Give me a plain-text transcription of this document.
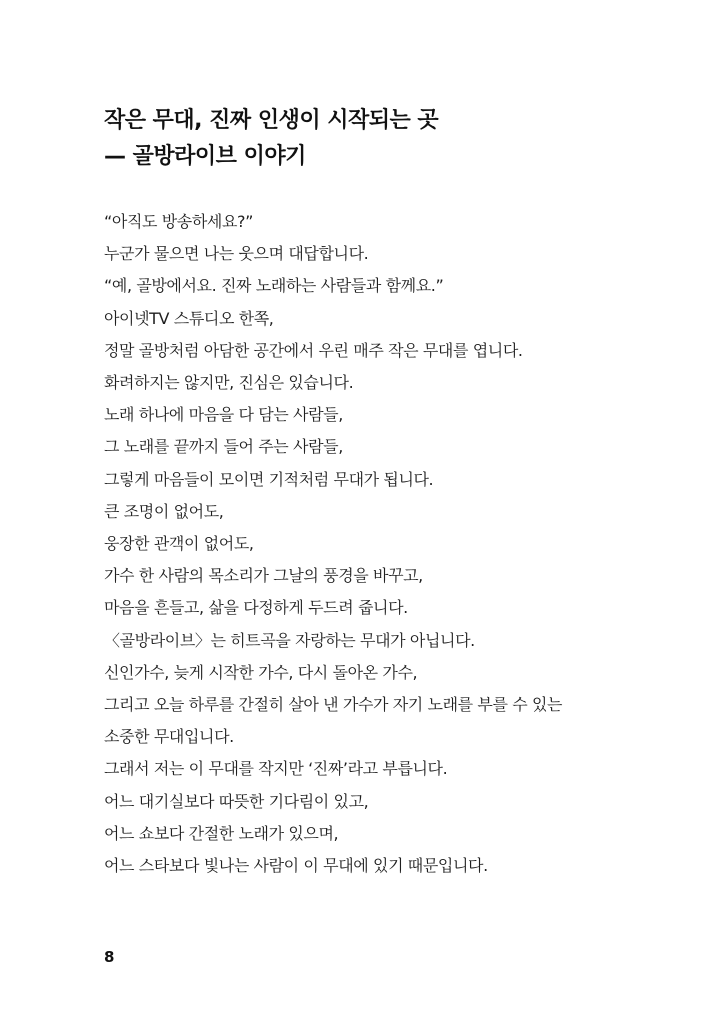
작은 무대, 진짜 인생이 시작되는 곳
— 골방라이브 이야기
“아직도 방송하세요?”
누군가 물으면 나는 웃으며 대답합니다.
“예, 골방에서요. 진짜 노래하는 사람들과 함께요.”
아이넷TV 스튜디오 한쪽,
정말 골방처럼 아담한 공간에서 우린 매주 작은 무대를 엽니다.
화려하지는 않지만, 진심은 있습니다.
노래 하나에 마음을 다 담는 사람들,
그 노래를 끝까지 들어 주는 사람들,
그렇게 마음들이 모이면 기적처럼 무대가 됩니다.
큰 조명이 없어도,
웅장한 관객이 없어도,
가수 한 사람의 목소리가 그날의 풍경을 바꾸고,
마음을 흔들고, 삶을 다정하게 두드려 줍니다.
〈골방라이브〉는 히트곡을 자랑하는 무대가 아닙니다.
신인가수, 늦게 시작한 가수, 다시 돌아온 가수,
그리고 오늘 하루를 간절히 살아 낸 가수가 자기 노래를 부를 수 있는
소중한 무대입니다.
그래서 저는 이 무대를 작지만 ‘진짜’라고 부릅니다.
어느 대기실보다 따뜻한 기다림이 있고,
어느 쇼보다 간절한 노래가 있으며,
어느 스타보다 빛나는 사람이 이 무대에 있기 때문입니다.
8
